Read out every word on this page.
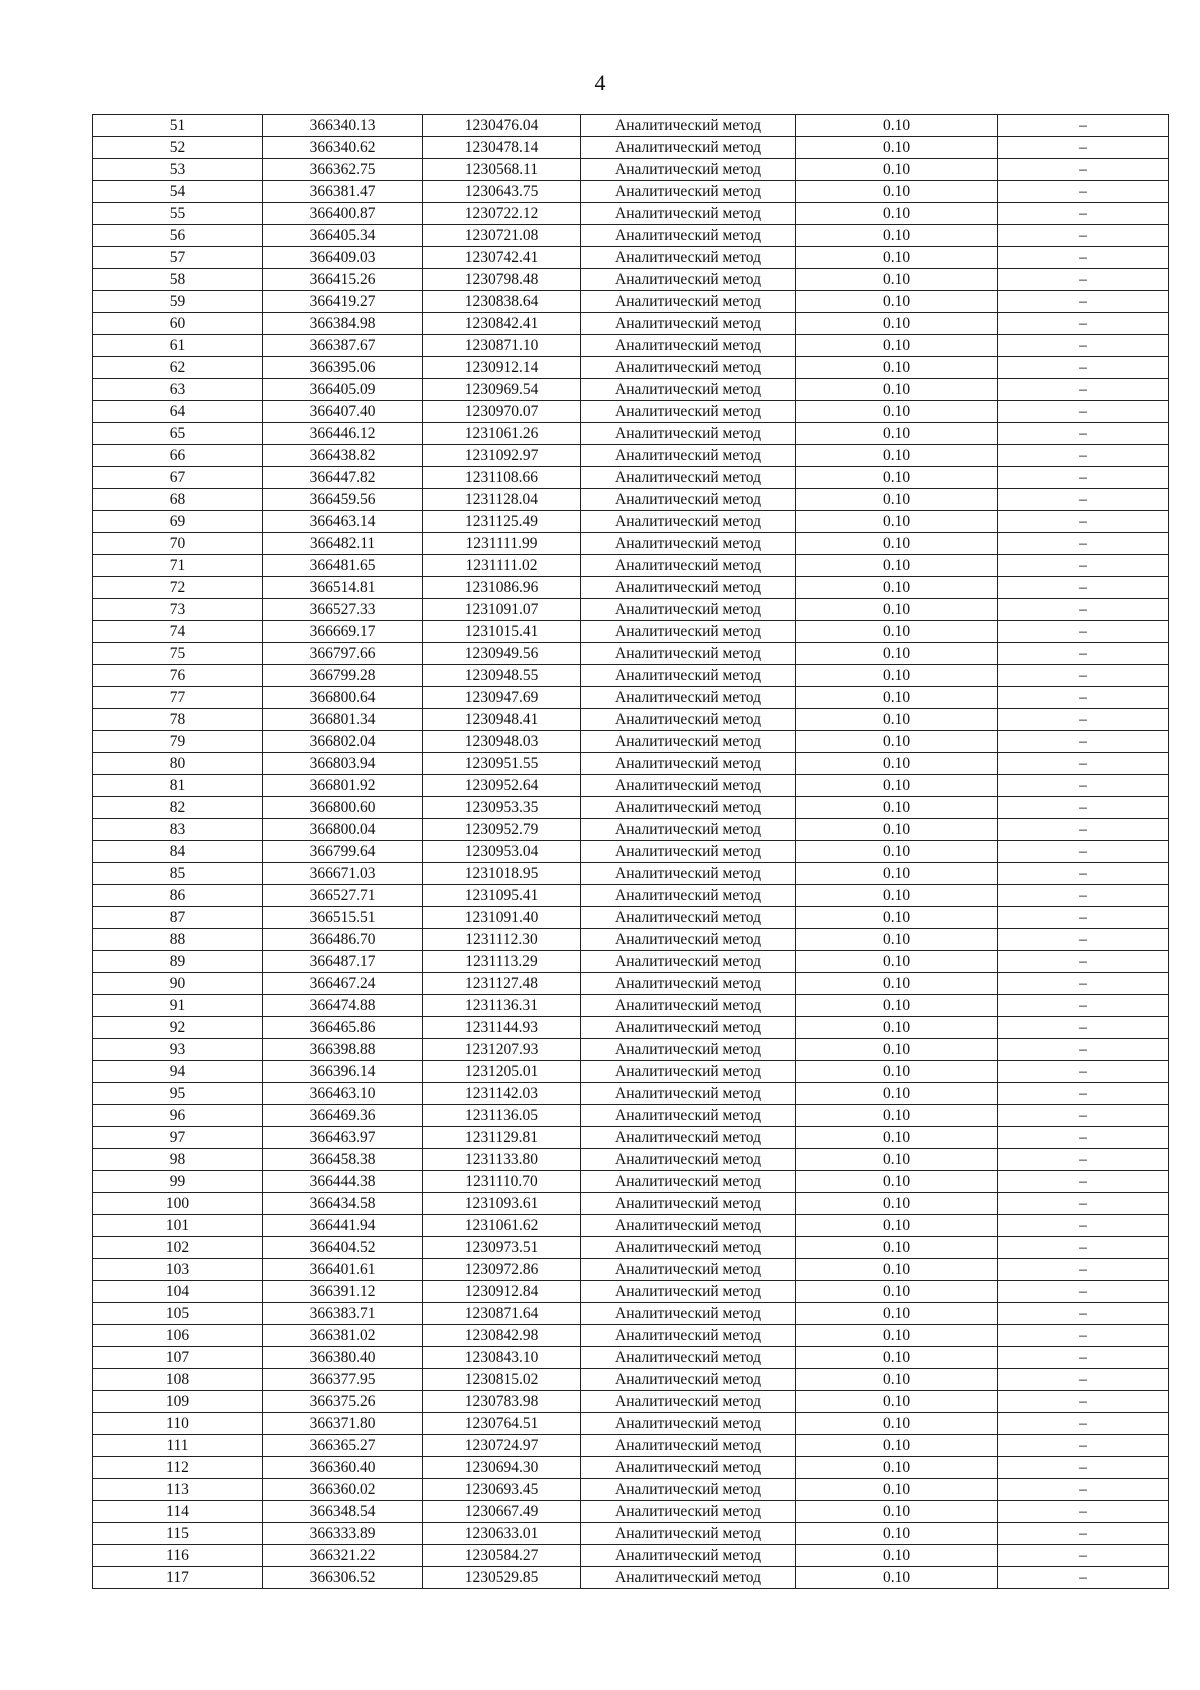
4
51	366340.13	1230476.04	Аналитический метод	0.10	–
52	366340.62	1230478.14	Аналитический метод	0.10	–
53	366362.75	1230568.11	Аналитический метод	0.10	–
54	366381.47	1230643.75	Аналитический метод	0.10	–
55	366400.87	1230722.12	Аналитический метод	0.10	–
56	366405.34	1230721.08	Аналитический метод	0.10	–
57	366409.03	1230742.41	Аналитический метод	0.10	–
58	366415.26	1230798.48	Аналитический метод	0.10	–
59	366419.27	1230838.64	Аналитический метод	0.10	–
60	366384.98	1230842.41	Аналитический метод	0.10	–
61	366387.67	1230871.10	Аналитический метод	0.10	–
62	366395.06	1230912.14	Аналитический метод	0.10	–
63	366405.09	1230969.54	Аналитический метод	0.10	–
64	366407.40	1230970.07	Аналитический метод	0.10	–
65	366446.12	1231061.26	Аналитический метод	0.10	–
66	366438.82	1231092.97	Аналитический метод	0.10	–
67	366447.82	1231108.66	Аналитический метод	0.10	–
68	366459.56	1231128.04	Аналитический метод	0.10	–
69	366463.14	1231125.49	Аналитический метод	0.10	–
70	366482.11	1231111.99	Аналитический метод	0.10	–
71	366481.65	1231111.02	Аналитический метод	0.10	–
72	366514.81	1231086.96	Аналитический метод	0.10	–
73	366527.33	1231091.07	Аналитический метод	0.10	–
74	366669.17	1231015.41	Аналитический метод	0.10	–
75	366797.66	1230949.56	Аналитический метод	0.10	–
76	366799.28	1230948.55	Аналитический метод	0.10	–
77	366800.64	1230947.69	Аналитический метод	0.10	–
78	366801.34	1230948.41	Аналитический метод	0.10	–
79	366802.04	1230948.03	Аналитический метод	0.10	–
80	366803.94	1230951.55	Аналитический метод	0.10	–
81	366801.92	1230952.64	Аналитический метод	0.10	–
82	366800.60	1230953.35	Аналитический метод	0.10	–
83	366800.04	1230952.79	Аналитический метод	0.10	–
84	366799.64	1230953.04	Аналитический метод	0.10	–
85	366671.03	1231018.95	Аналитический метод	0.10	–
86	366527.71	1231095.41	Аналитический метод	0.10	–
87	366515.51	1231091.40	Аналитический метод	0.10	–
88	366486.70	1231112.30	Аналитический метод	0.10	–
89	366487.17	1231113.29	Аналитический метод	0.10	–
90	366467.24	1231127.48	Аналитический метод	0.10	–
91	366474.88	1231136.31	Аналитический метод	0.10	–
92	366465.86	1231144.93	Аналитический метод	0.10	–
93	366398.88	1231207.93	Аналитический метод	0.10	–
94	366396.14	1231205.01	Аналитический метод	0.10	–
95	366463.10	1231142.03	Аналитический метод	0.10	–
96	366469.36	1231136.05	Аналитический метод	0.10	–
97	366463.97	1231129.81	Аналитический метод	0.10	–
98	366458.38	1231133.80	Аналитический метод	0.10	–
99	366444.38	1231110.70	Аналитический метод	0.10	–
100	366434.58	1231093.61	Аналитический метод	0.10	–
101	366441.94	1231061.62	Аналитический метод	0.10	–
102	366404.52	1230973.51	Аналитический метод	0.10	–
103	366401.61	1230972.86	Аналитический метод	0.10	–
104	366391.12	1230912.84	Аналитический метод	0.10	–
105	366383.71	1230871.64	Аналитический метод	0.10	–
106	366381.02	1230842.98	Аналитический метод	0.10	–
107	366380.40	1230843.10	Аналитический метод	0.10	–
108	366377.95	1230815.02	Аналитический метод	0.10	–
109	366375.26	1230783.98	Аналитический метод	0.10	–
110	366371.80	1230764.51	Аналитический метод	0.10	–
111	366365.27	1230724.97	Аналитический метод	0.10	–
112	366360.40	1230694.30	Аналитический метод	0.10	–
113	366360.02	1230693.45	Аналитический метод	0.10	–
114	366348.54	1230667.49	Аналитический метод	0.10	–
115	366333.89	1230633.01	Аналитический метод	0.10	–
116	366321.22	1230584.27	Аналитический метод	0.10	–
117	366306.52	1230529.85	Аналитический метод	0.10	–
